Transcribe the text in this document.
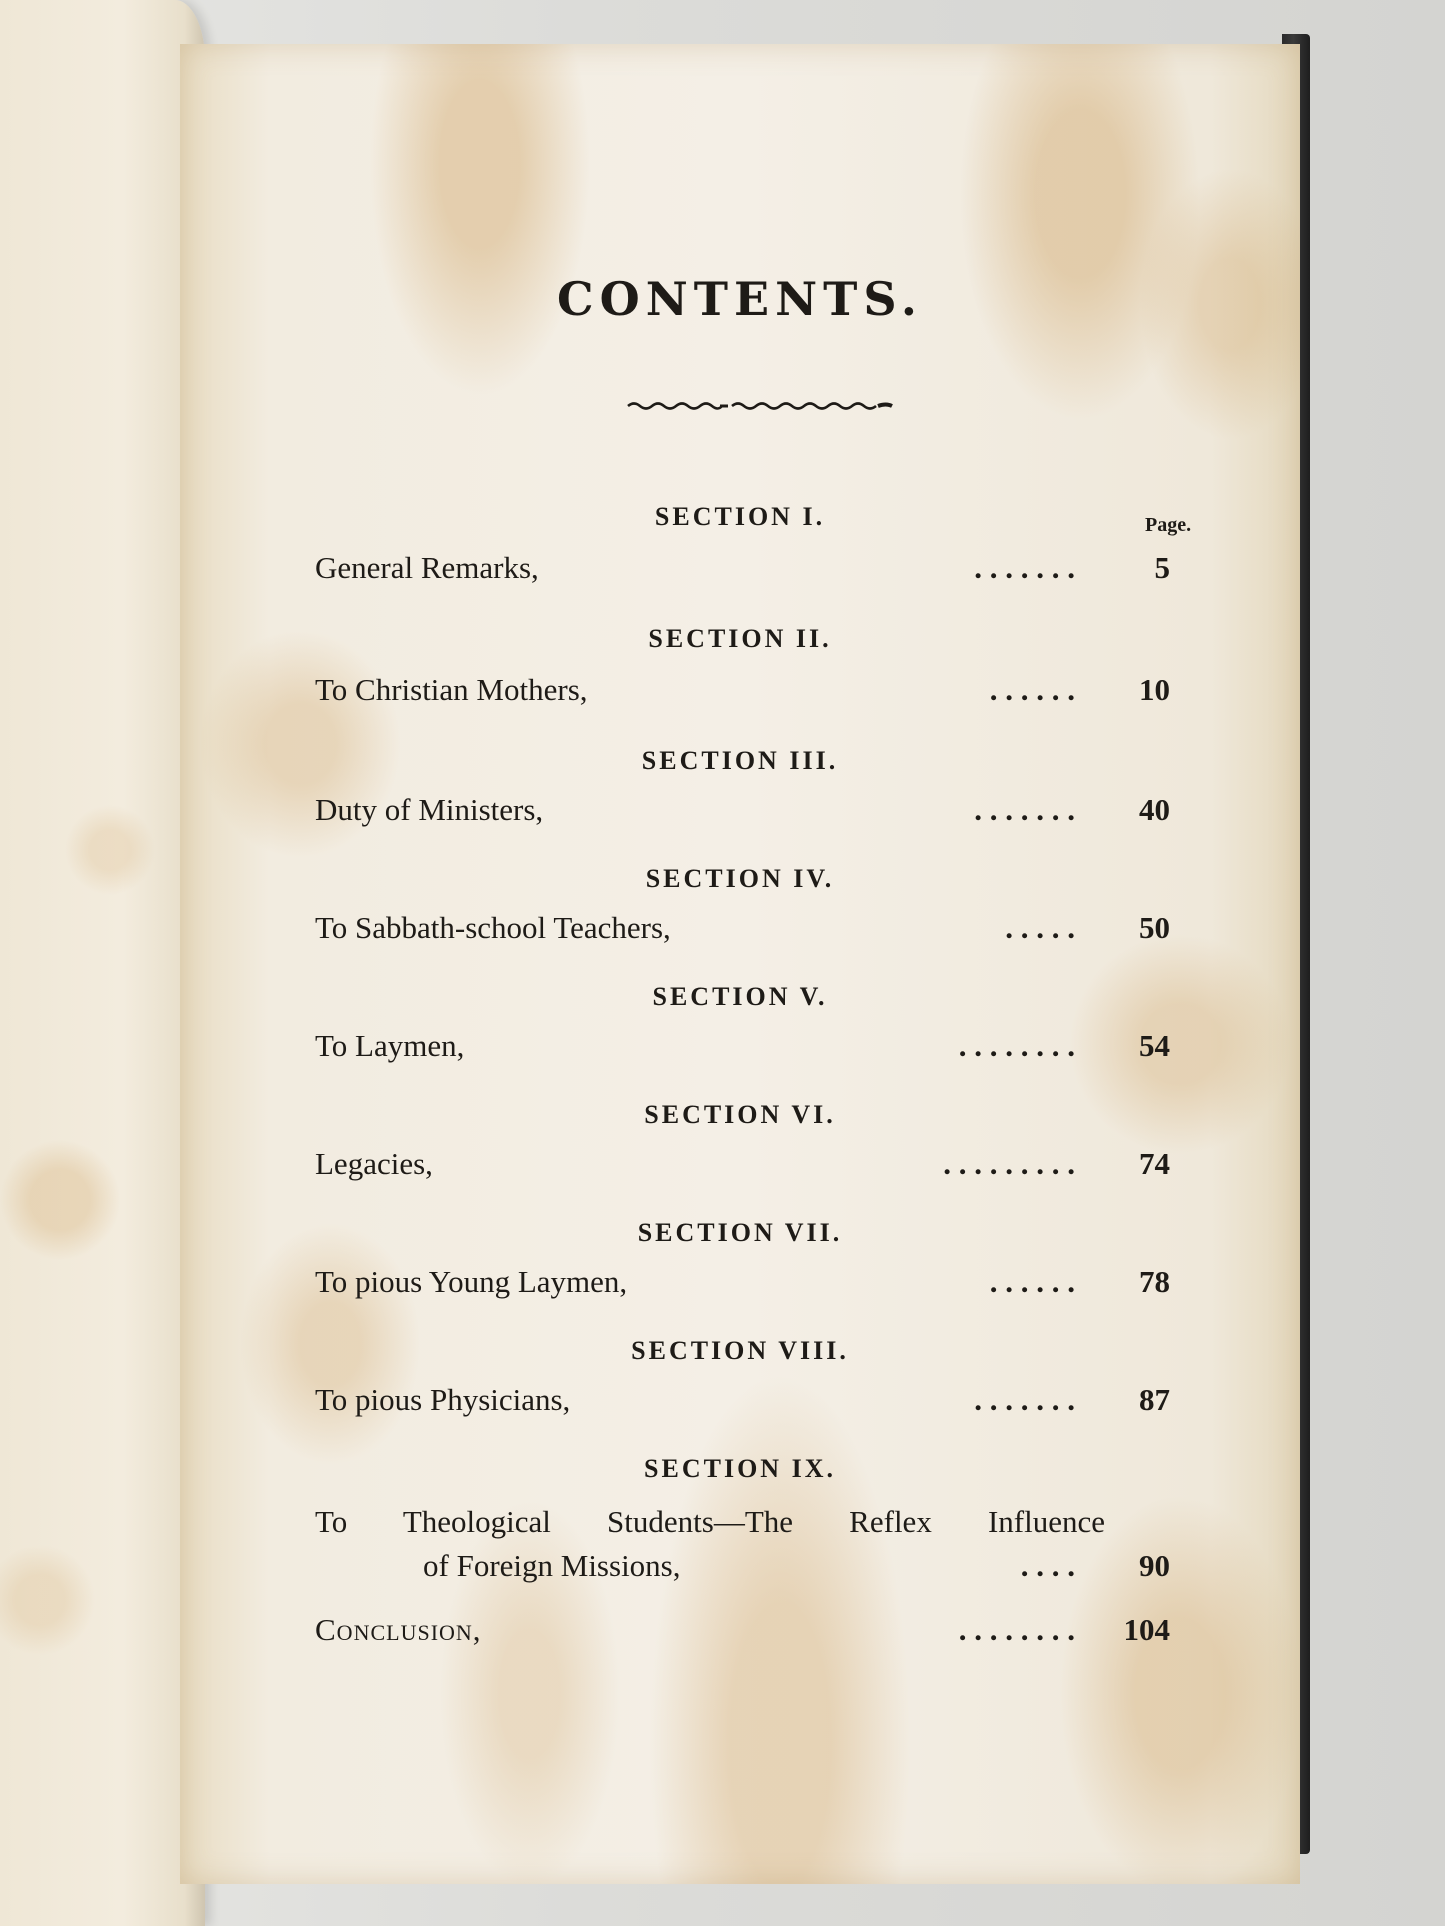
CONTENTS.
Page.
SECTION I.
General Remarks,	. . . . . . .	5
SECTION II.
To Christian Mothers,	. . . . . . 10
SECTION III.
Duty of Ministers,	. . . . . . . 40
SECTION IV.
To Sabbath-school Teachers,	. . . . . 50
SECTION V.
To Laymen,	. . . . . . . . 54
SECTION VI.
Legacies,	. . . . . . . . . 74
SECTION VII.
To pious Young Laymen,	. . . . . . 78
SECTION VIII.
To pious Physicians,	. . . . . . . 87
SECTION IX.
To Theological Students—The Reflex Influence
of Foreign Missions,	. . . . 90
Conclusion,	. . . . . . . . 104
